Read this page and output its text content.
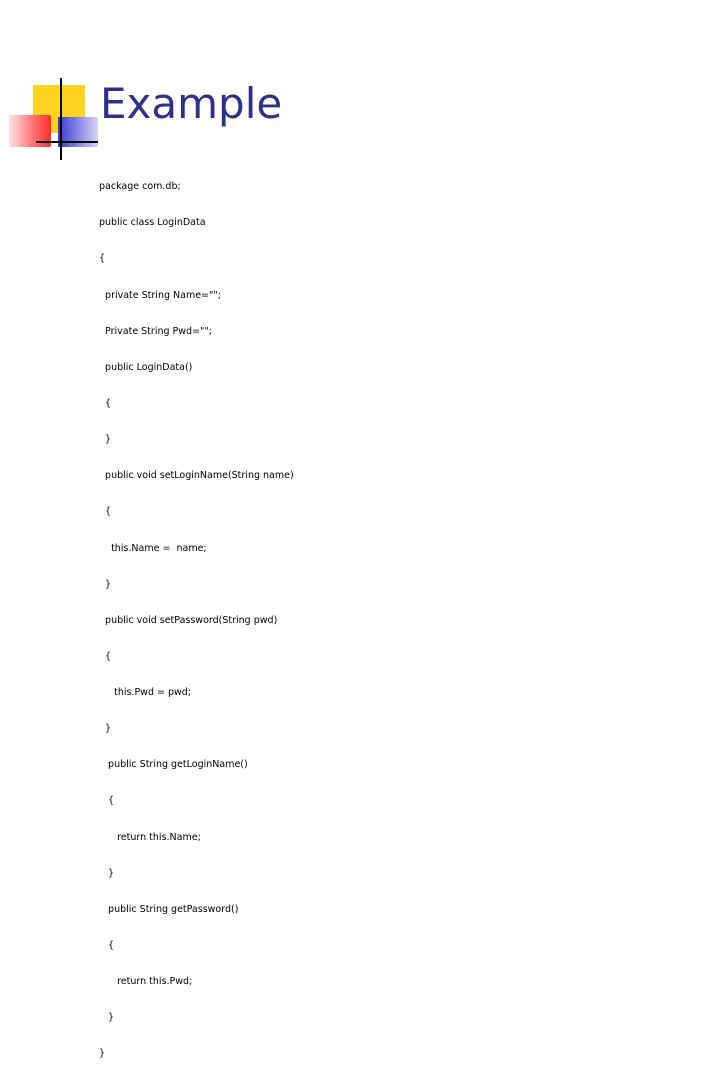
Example

package com.db;

public class LoginData

{

private String Name="";

Private String Pwd="";

public LoginData()

{

}

public void setLoginName(String name)

{

this.Name =  name;

}

public void setPassword(String pwd)

{

this.Pwd = pwd;

}

public String getLoginName()

{

return this.Name;

}

public String getPassword()

{

return this.Pwd;

}

}
